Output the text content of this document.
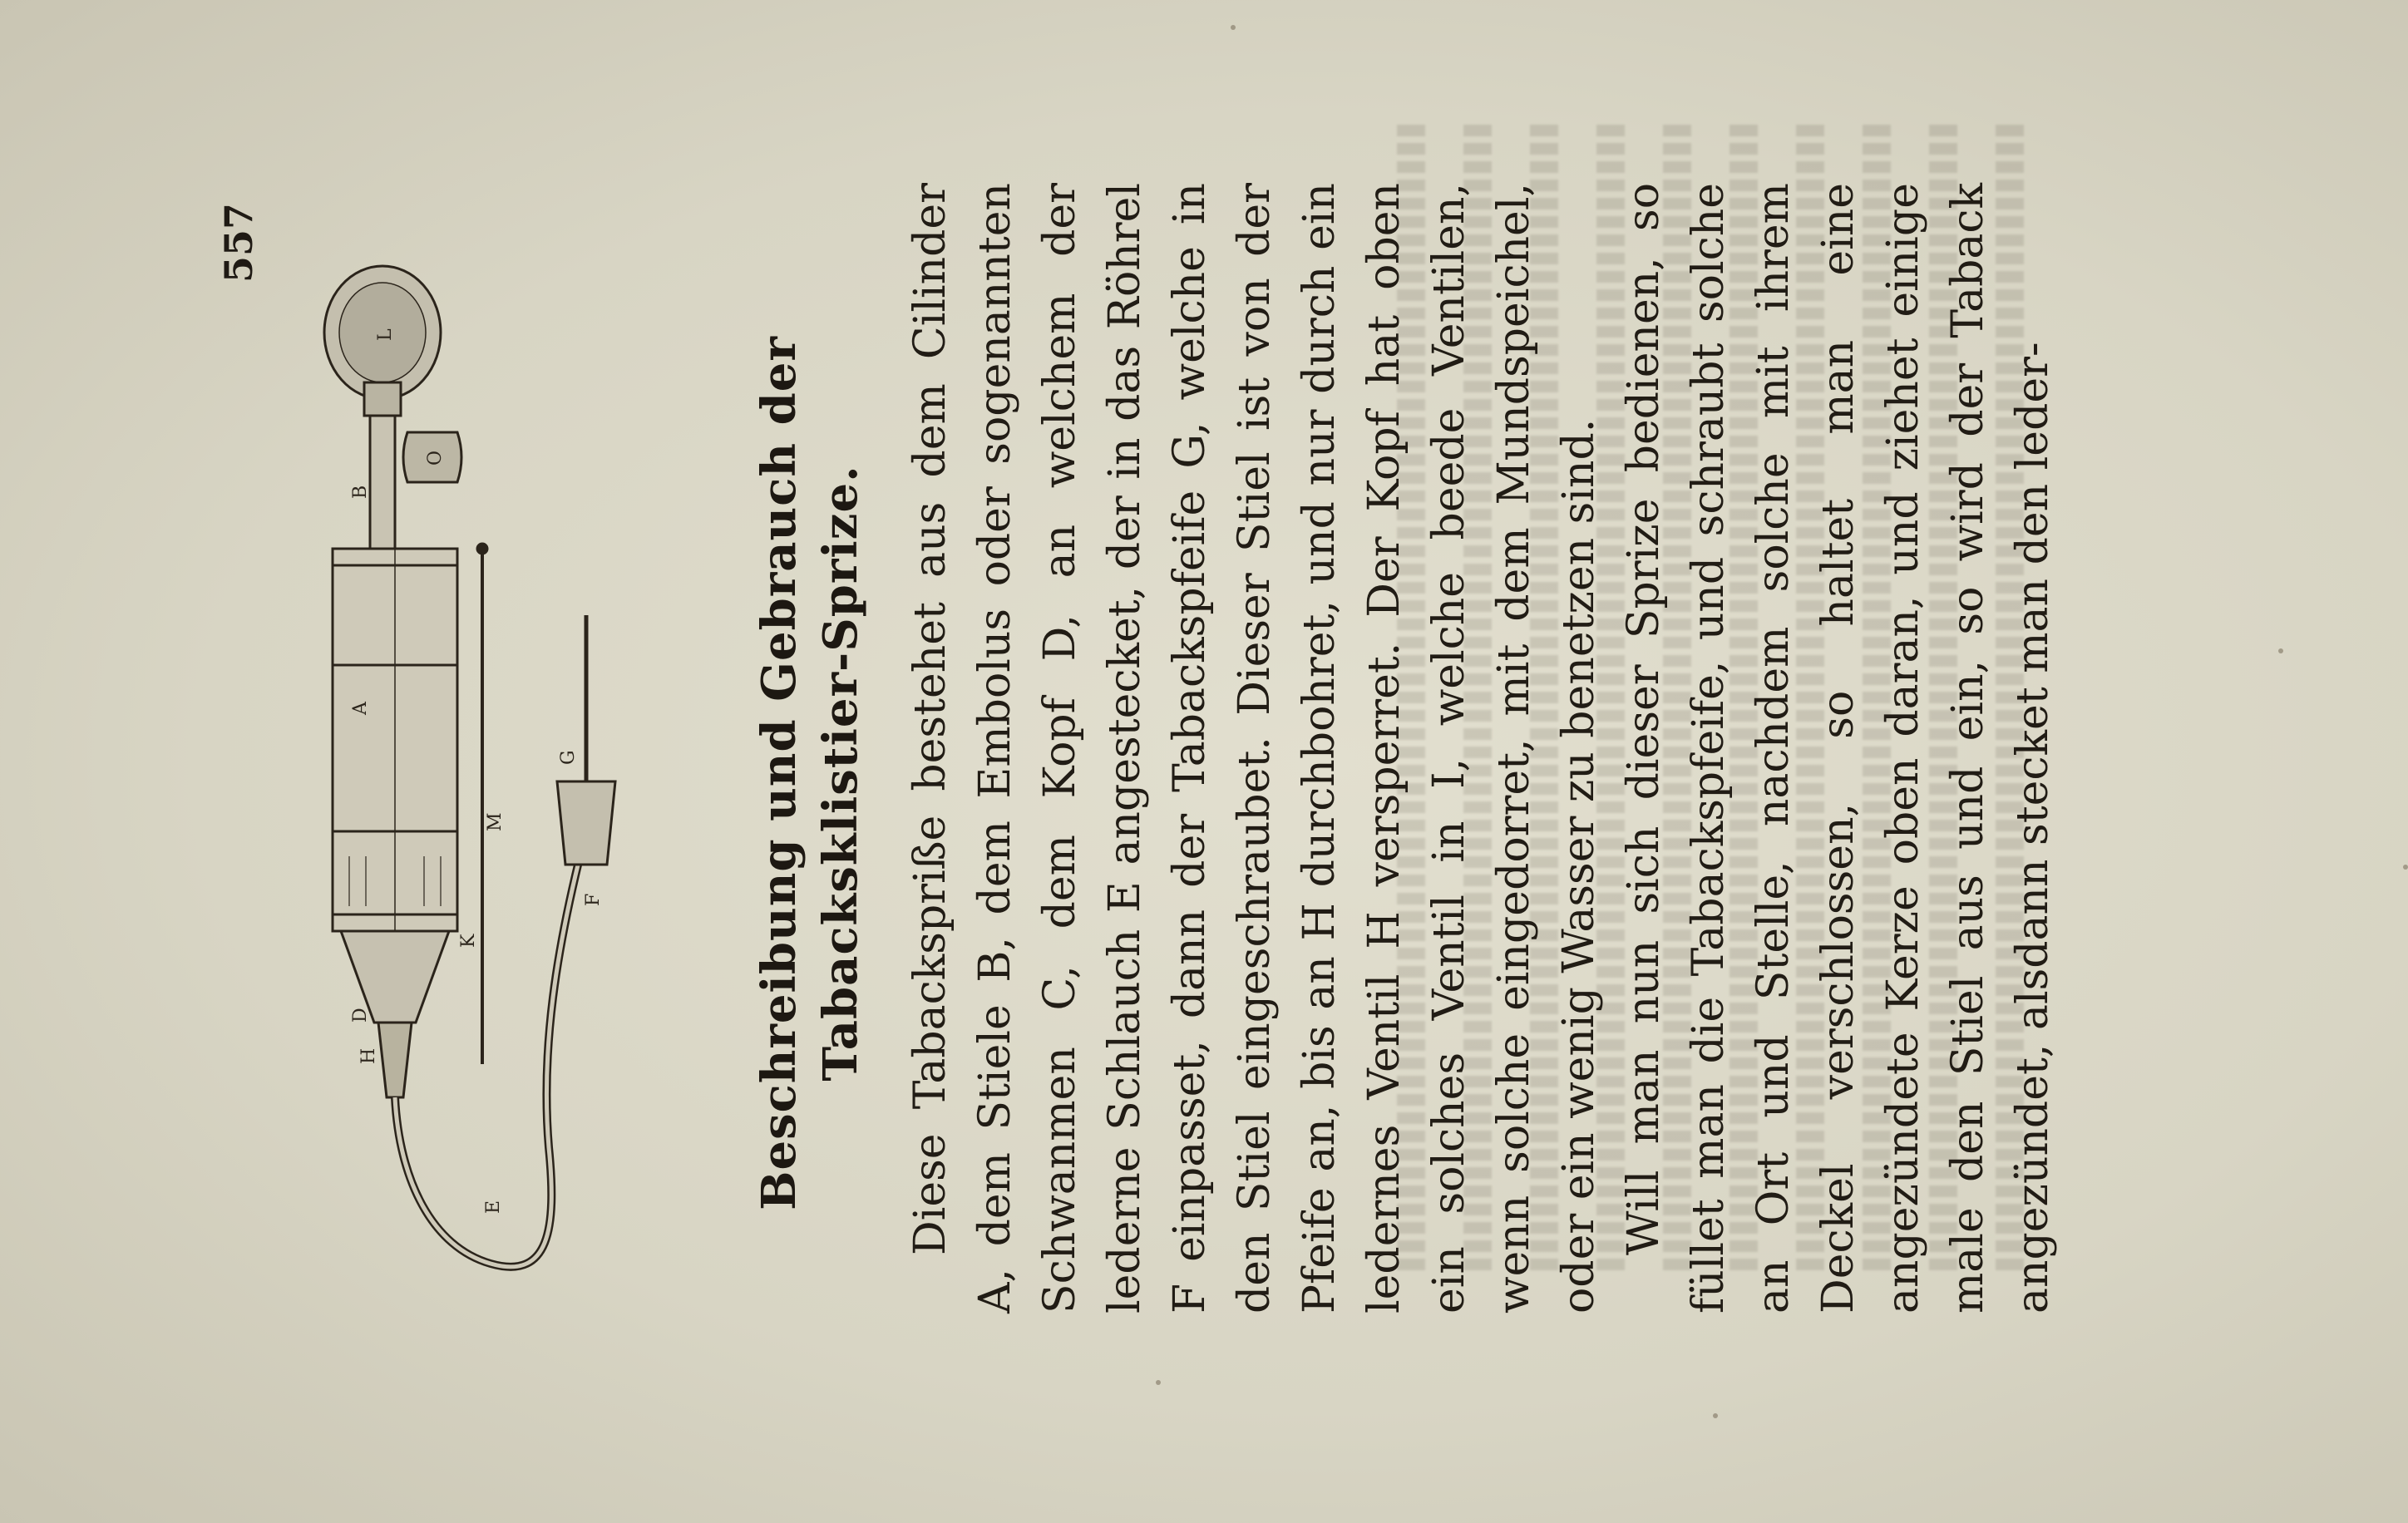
557
L
O
B
A
M
K
D
F
E
H
G	Beschreibung und Gebrauch der Tabacksklistier-Sprize. Diese Tabackspriße bestehet aus dem Cilinder A, dem Stiele B, dem Embolus oder sogenannten Schwanmen C, dem Kopf D, an welchem der lederne Schlauch E angestecket, der in das Röhrel F einpasset, dann der Tabackspfeife G, welche in den Stiel eingeschraubet. Dieser Stiel ist von der Pfeife an, bis an H durchbohret, und nur durch ein ledernes Ventil H versperret. Der Kopf hat oben ein solches Ventil in I, welche beede Ventilen, wenn solche eingedorret, mit dem Mundspeichel, oder ein wenig Wasser zu benetzen sind. Will man nun sich dieser Sprize bedienen, so füllet man die Tabackspfeife, und schraubt solche an Ort und Stelle, nachdem solche mit ihrem Deckel verschlossen, so haltet man eine angezündete Kerze oben daran, und ziehet einige male den Stiel aus und ein, so wird der Taback angezündet, alsdann stecket man den leder-
